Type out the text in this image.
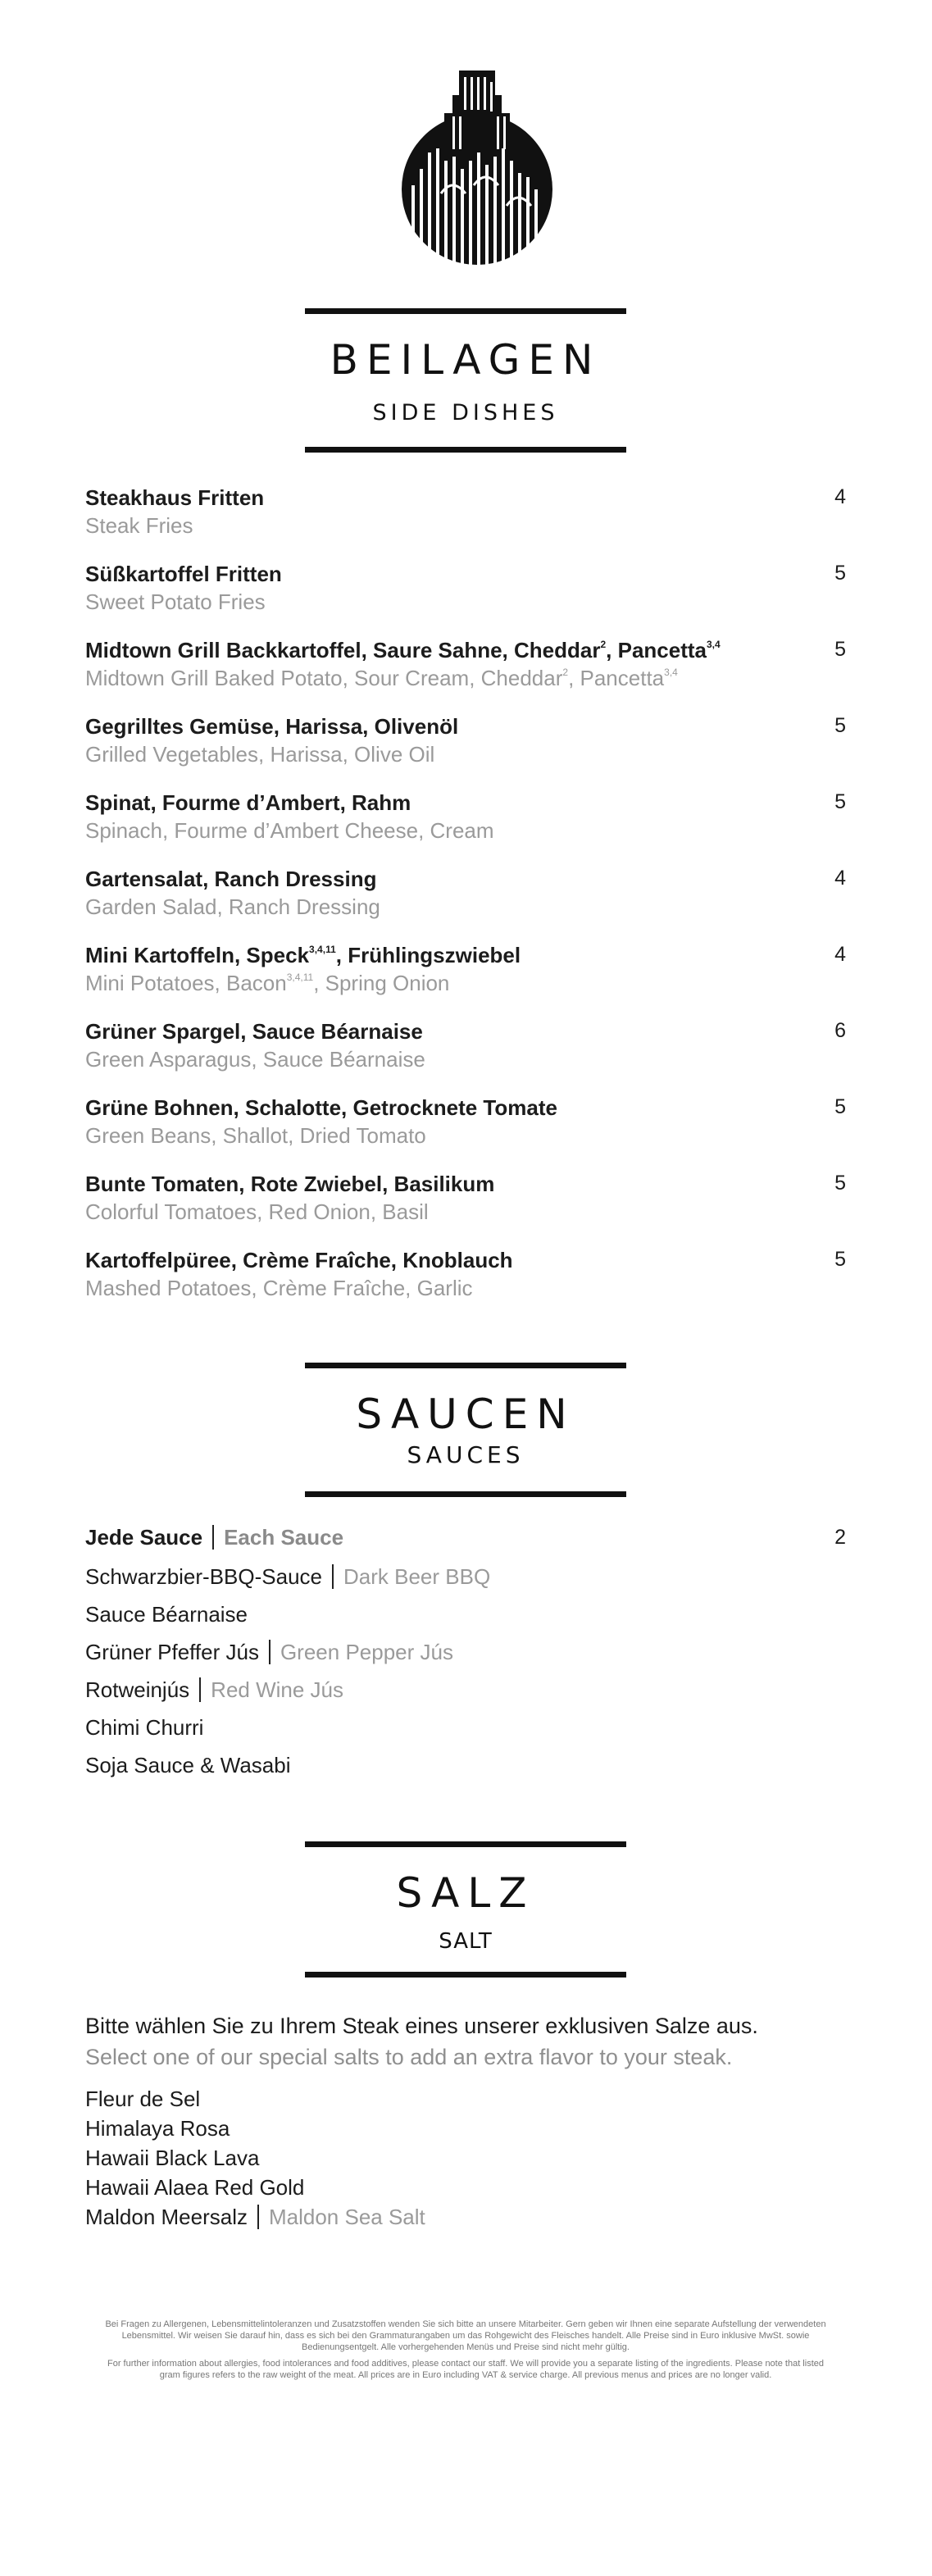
BEILAGEN
SIDE DISHES
Steakhaus Fritten
Steak Fries
4
Süßkartoffel Fritten
Sweet Potato Fries
5
Midtown Grill Backkartoffel, Saure Sahne, Cheddar$^2$, Pancetta$^{3,4}$
Midtown Grill Baked Potato, Sour Cream, Cheddar$^2$, Pancetta$^{3,4}$
5
Gegrilltes Gemüse, Harissa, Olivenöl
Grilled Vegetables, Harissa, Olive Oil
5
Spinat, Fourme d’Ambert, Rahm
Spinach, Fourme d’Ambert Cheese, Cream
5
Gartensalat, Ranch Dressing
Garden Salad, Ranch Dressing
4
Mini Kartoffeln, Speck$^{3,4,11}$, Frühlingszwiebel
Mini Potatoes, Bacon$^{3,4,11}$, Spring Onion
4
Grüner Spargel, Sauce Béarnaise
Green Asparagus, Sauce Béarnaise
6
Grüne Bohnen, Schalotte, Getrocknete Tomate
Green Beans, Shallot, Dried Tomato
5
Bunte Tomaten, Rote Zwiebel, Basilikum
Colorful Tomatoes, Red Onion, Basil
5
Kartoffelpüree, Crème Fraîche, Knoblauch
Mashed Potatoes, Crème Fraîche, Garlic
5
SAUCEN
SAUCES
Jede Sauce Each Sauce	2
Schwarzbier-BBQ-Sauce Dark Beer BBQ
Sauce Béarnaise
Grüner Pfeffer Jús Green Pepper Jús
Rotweinjús Red Wine Jús
Chimi Churri
Soja Sauce & Wasabi
SALZ
SALT
Bitte wählen Sie zu Ihrem Steak eines unserer exklusiven Salze aus.
Select one of our special salts to add an extra flavor to your steak.
Fleur de Sel
Himalaya Rosa
Hawaii Black Lava
Hawaii Alaea Red Gold
Maldon Meersalz Maldon Sea Salt

Bei Fragen zu Allergenen, Lebensmittelintoleranzen und Zusatzstoffen wenden Sie sich bitte an unsere Mitarbeiter. Gern geben wir Ihnen eine separate Aufstellung der verwendeten Lebensmittel. Wir weisen Sie darauf hin, dass es sich bei den Grammaturangaben um das Rohgewicht des Fleisches handelt. Alle Preise sind in Euro inklusive MwSt. sowie Bedienungsentgelt. Alle vorhergehenden Menüs und Preise sind nicht mehr gültig.

For further information about allergies, food intolerances and food additives, please contact our staff. We will provide you a separate listing of the ingredients. Please note that listed gram figures refers to the raw weight of the meat. All prices are in Euro including VAT & service charge. All previous menus and prices are no longer valid.
